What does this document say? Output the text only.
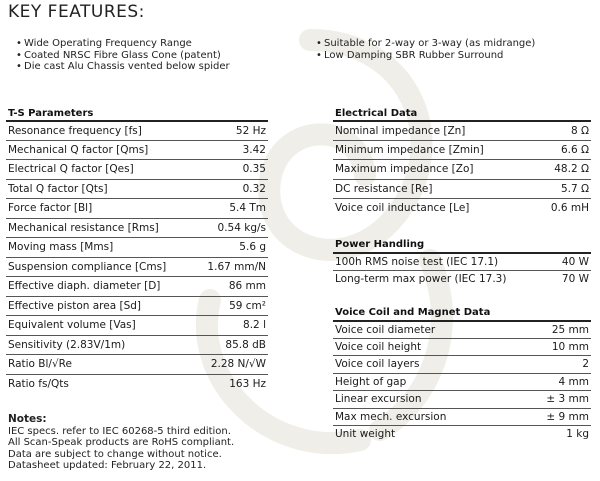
KEY FEATURES:
• Wide Operating Frequency Range
• Coated NRSC Fibre Glass Cone (patent)
• Die cast Alu Chassis vented below spider
• Suitable for 2-way or 3-way (as midrange)
• Low Damping SBR Rubber Surround
T-S Parameters
Resonance frequency [fs]	52 Hz
Mechanical Q factor [Qms]	3.42
Electrical Q factor [Qes]	0.35
Total Q factor [Qts]	0.32
Force factor [Bl]	5.4 Tm
Mechanical resistance [Rms]	0.54 kg/s
Moving mass [Mms]	5.6 g
Suspension compliance [Cms]	1.67 mm/N
Effective diaph. diameter [D]	86 mm
Effective piston area [Sd]	59 cm²
Equivalent volume [Vas]	8.2 l
Sensitivity (2.83V/1m)	85.8 dB
Ratio Bl/√Re	2.28 N/√W
Ratio fs/Qts	163 Hz
Electrical Data
Nominal impedance [Zn]	8 Ω
Minimum impedance [Zmin]	6.6 Ω
Maximum impedance [Zo]	48.2 Ω
DC resistance [Re]	5.7 Ω
Voice coil inductance [Le]	0.6 mH
Power Handling
100h RMS noise test (IEC 17.1)	40 W
Long-term max power (IEC 17.3)	70 W
Voice Coil and Magnet Data
Voice coil diameter	25 mm
Voice coil height	10 mm
Voice coil layers	2
Height of gap	4 mm
Linear excursion	± 3 mm
Max mech. excursion	± 9 mm
Unit weight	1 kg
Notes:
IEC specs. refer to IEC 60268-5 third edition.
All Scan-Speak products are RoHS compliant.
Data are subject to change without notice.
Datasheet updated: February 22, 2011.
